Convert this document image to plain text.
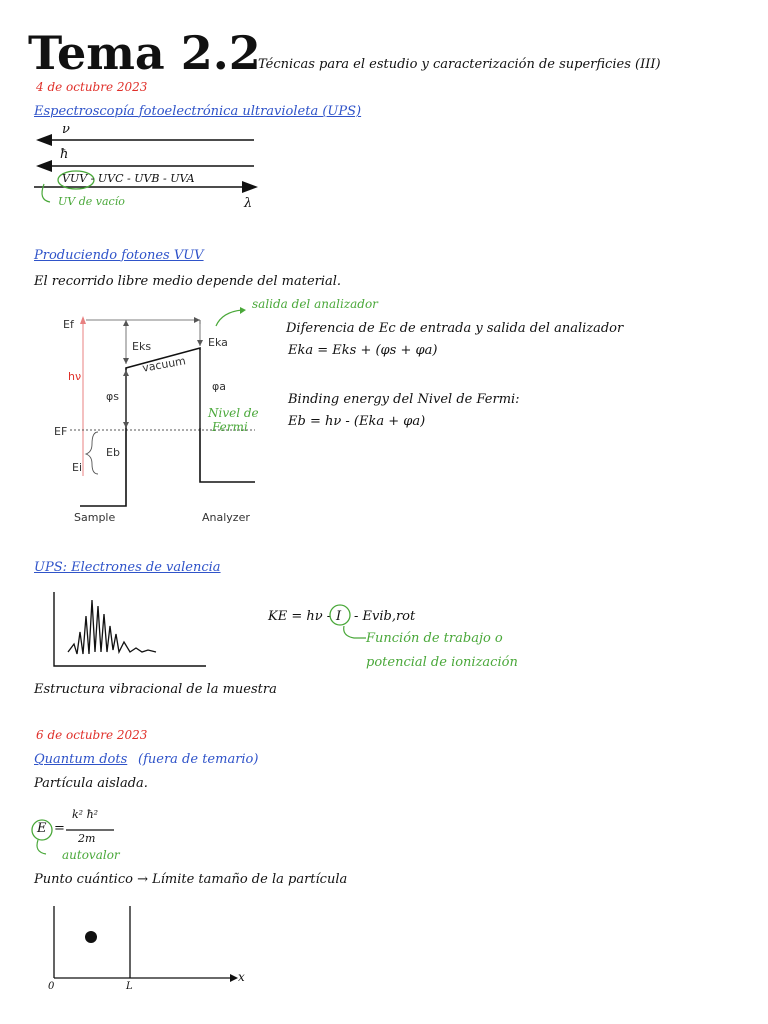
Tema 2.2
Técnicas para el estudio y caracterización de superficies (III)
4 de octubre 2023
Espectroscopía fotoelectrónica ultravioleta (UPS)
ν
ħ
VUV - UVC - UVB - UVA
λ
UV de vacío
Produciendo fotones VUV
El recorrido libre medio depende del material.
Ef
hν
Eks
vacuum
φs
Eka
φa
EF
Eb
Ei
Sample	Analyzer
salida del analizador
Nivel de
Fermi
Diferencia de Ec de entrada y salida del analizador
Eka = Eks + (φs + φa)
Binding energy del Nivel de Fermi:
Eb = hν - (Eka + φa)
UPS: Electrones de valencia
KE = hν - I - Evib,rot
Función de trabajo o
potencial de ionización
Estructura vibracional de la muestra
6 de octubre 2023
Quantum dots (fuera de temario)
Partícula aislada.
E =
k² ħ²
2m
autovalor
Punto cuántico → Límite tamaño de la partícula
0	L
x
